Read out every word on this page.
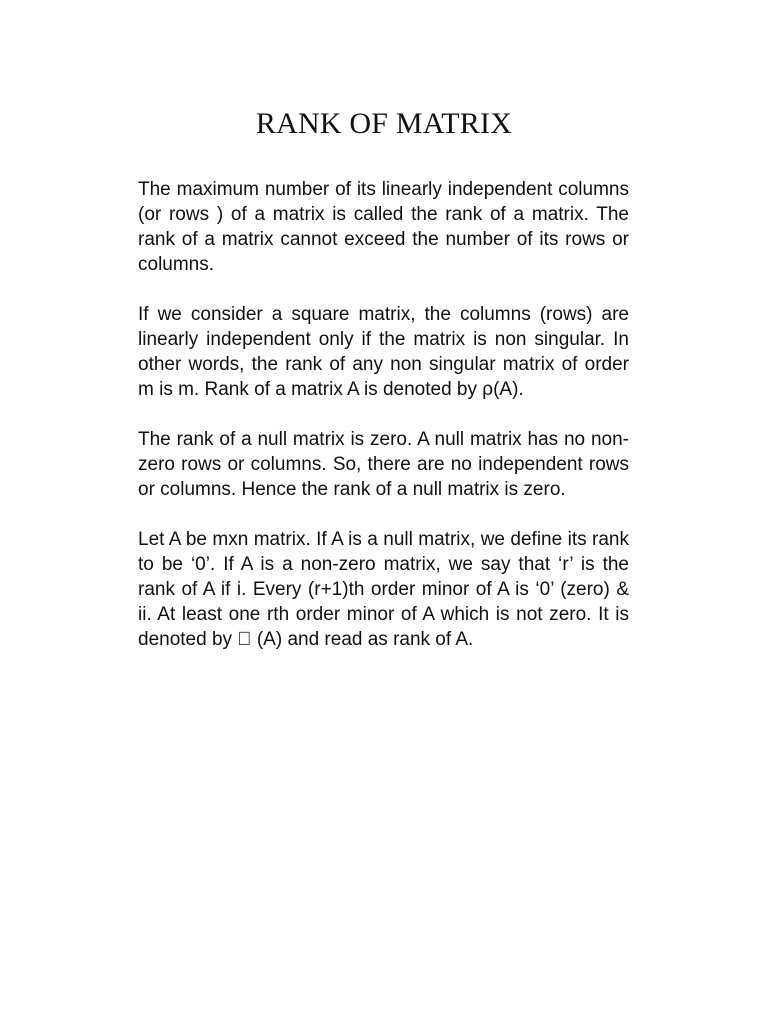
RANK OF MATRIX

The maximum number of its linearly independent columns (or rows ) of a matrix is called the rank of a matrix. The rank of a matrix cannot exceed the number of its rows or columns.

If we consider a square matrix, the columns (rows) are linearly independent only if the matrix is non singular. In other words, the rank of any non singular matrix of order m is m. Rank of a matrix A is denoted by ρ(A).

The rank of a null matrix is zero. A null matrix has no non-zero rows or columns. So, there are no independent rows or columns. Hence the rank of a null matrix is zero.

Let A be mxn matrix. If A is a null matrix, we define its rank to be ‘0’. If A is a non-zero matrix, we say that ‘r’ is the rank of A if i. Every (r+1)th order minor of A is ‘0’ (zero) & ii. At least one rth order minor of A which is not zero. It is denoted by (A) and read as rank of A.
